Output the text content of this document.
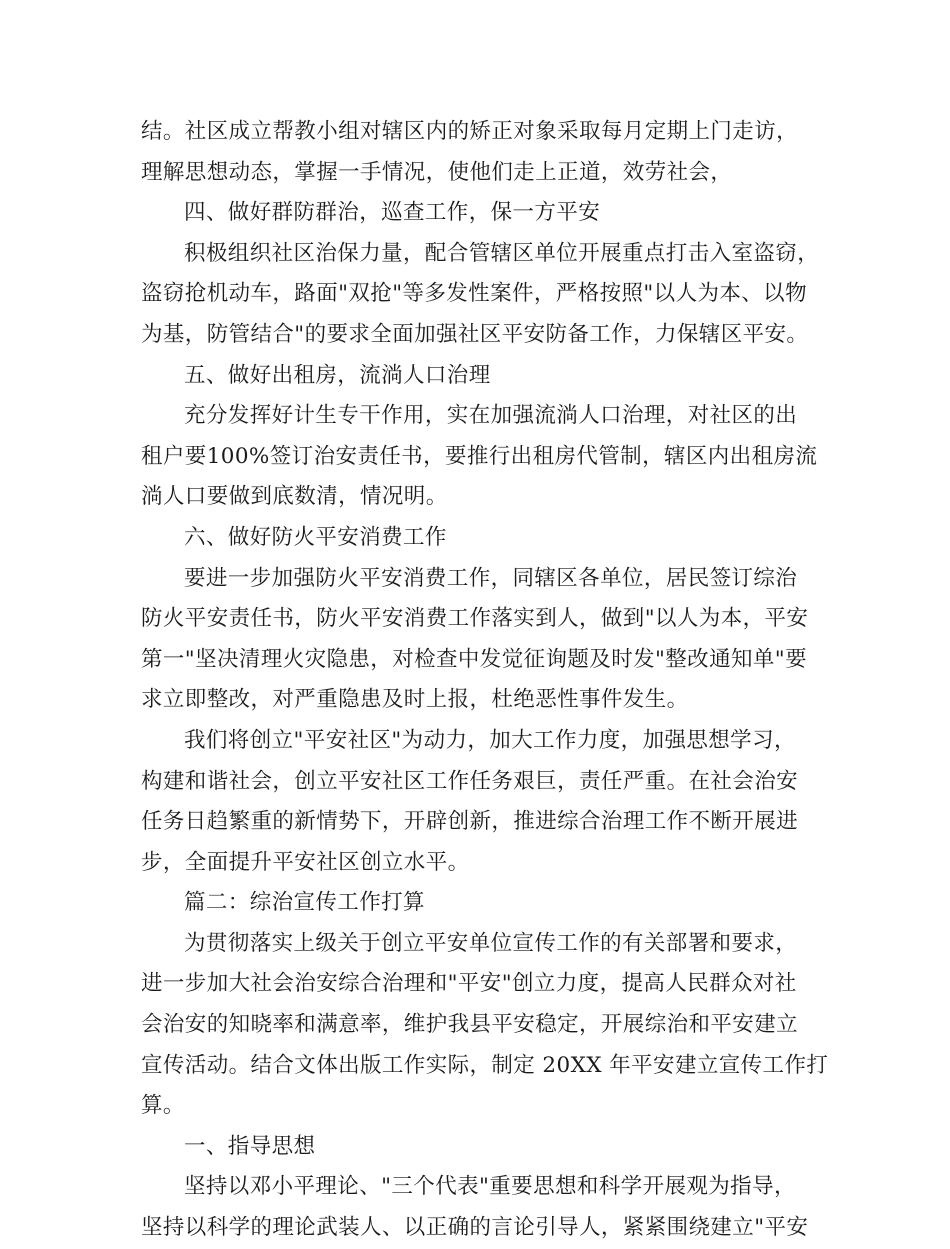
结。社区成立帮教小组对辖区内的矫正对象采取每月定期上门走访，
理解思想动态，掌握一手情况，使他们走上正道，效劳社会，
四、做好群防群治，巡查工作，保一方平安
积极组织社区治保力量，配合管辖区单位开展重点打击入室盗窃，
盗窃抢机动车，路面"双抢"等多发性案件，严格按照"以人为本、以物
为基，防管结合"的要求全面加强社区平安防备工作，力保辖区平安。
五、做好出租房，流淌人口治理
充分发挥好计生专干作用，实在加强流淌人口治理，对社区的出
租户要100%签订治安责任书，要推行出租房代管制，辖区内出租房流
淌人口要做到底数清，情况明。
六、做好防火平安消费工作
要进一步加强防火平安消费工作，同辖区各单位，居民签订综治
防火平安责任书，防火平安消费工作落实到人，做到"以人为本，平安
第一"坚决清理火灾隐患，对检查中发觉征询题及时发"整改通知单"要
求立即整改，对严重隐患及时上报，杜绝恶性事件发生。
我们将创立"平安社区"为动力，加大工作力度，加强思想学习，
构建和谐社会，创立平安社区工作任务艰巨，责任严重。在社会治安
任务日趋繁重的新情势下，开辟创新，推进综合治理工作不断开展进
步，全面提升平安社区创立水平。
篇二：综治宣传工作打算
为贯彻落实上级关于创立平安单位宣传工作的有关部署和要求，
进一步加大社会治安综合治理和"平安"创立力度，提高人民群众对社
会治安的知晓率和满意率，维护我县平安稳定，开展综治和平安建立
宣传活动。结合文体出版工作实际，制定 20XX 年平安建立宣传工作打
算。
一、指导思想
坚持以邓小平理论、"三个代表"重要思想和科学开展观为指导，
坚持以科学的理论武装人、以正确的言论引导人，紧紧围绕建立"平安
